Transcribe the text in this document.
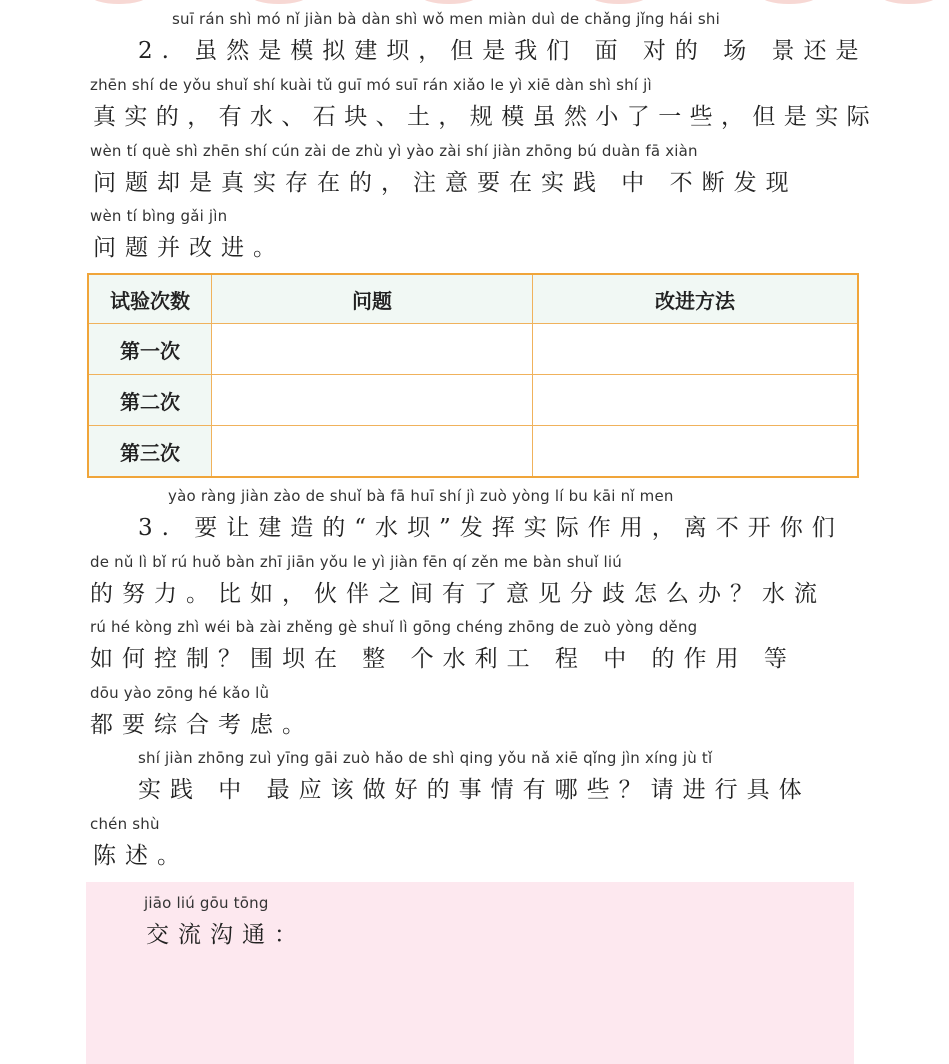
suī rán shì mó nǐ jiàn bà dàn shì wǒ men miàn duì de chǎng jǐng hái shi
2. 虽然是模拟建坝，但是我们 面 对的 场 景还是
zhēn shí de yǒu shuǐ shí kuài tǔ guī mó suī rán xiǎo le yì xiē dàn shì shí jì
真实的，有水、石块、土，规模虽然小了一些，但是实际
wèn tí què shì zhēn shí cún zài de zhù yì yào zài shí jiàn zhōng bú duàn fā xiàn
问题却是真实存在的，注意要在实践 中 不断发现
wèn tí bìng gǎi jìn
问题并改进。
试验次数	问题	改进方法
第一次		
第二次		
第三次		
yào ràng jiàn zào de shuǐ bà fā huī shí jì zuò yòng lí bu kāi nǐ men
3. 要让建造的“水坝”发挥实际作用，离不开你们
de nǔ lì bǐ rú huǒ bàn zhī jiān yǒu le yì jiàn fēn qí zěn me bàn shuǐ liú
的努力。比如，伙伴之间有了意见分歧怎么办？水流
rú hé kòng zhì wéi bà zài zhěng gè shuǐ lì gōng chéng zhōng de zuò yòng děng
如何控制？围坝在 整 个水利工 程 中 的作用 等
dōu yào zōng hé kǎo lǜ
都要综合考虑。
shí jiàn zhōng zuì yīng gāi zuò hǎo de shì qing yǒu nǎ xiē qǐng jìn xíng jù tǐ
实践 中 最应该做好的事情有哪些？请进行具体
chén shù
陈述。
jiāo liú gōu tōng
交流沟通：
